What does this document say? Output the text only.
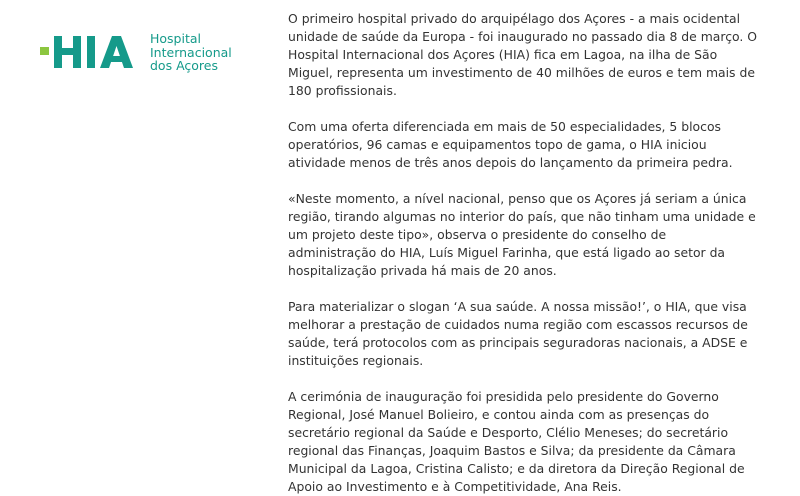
Hospital
Internacional
dos Açores

O primeiro hospital privado do arquipélago dos Açores - a mais ocidental unidade de saúde da Europa - foi inaugurado no passado dia 8 de março. O Hospital Internacional dos Açores (HIA) fica em Lagoa, na ilha de São Miguel, representa um investimento de 40 milhões de euros e tem mais de 180 profissionais.

Com uma oferta diferenciada em mais de 50 especialidades, 5 blocos operatórios, 96 camas e equipamentos topo de gama, o HIA iniciou atividade menos de três anos depois do lançamento da primeira pedra.

«Neste momento, a nível nacional, penso que os Açores já seriam a única região, tirando algumas no interior do país, que não tinham uma unidade e um projeto deste tipo», observa o presidente do conselho de administração do HIA, Luís Miguel Farinha, que está ligado ao setor da hospitalização privada há mais de 20 anos.

Para materializar o slogan ‘A sua saúde. A nossa missão!’, o HIA, que visa melhorar a prestação de cuidados numa região com escassos recursos de saúde, terá protocolos com as principais seguradoras nacionais, a ADSE e instituições regionais.

A cerimónia de inauguração foi presidida pelo presidente do Governo Regional, José Manuel Bolieiro, e contou ainda com as presenças do secretário regional da Saúde e Desporto, Clélio Meneses; do secretário regional das Finanças, Joaquim Bastos e Silva; da presidente da Câmara Municipal da Lagoa, Cristina Calisto; e da diretora da Direção Regional de Apoio ao Investimento e à Competitividade, Ana Reis.
